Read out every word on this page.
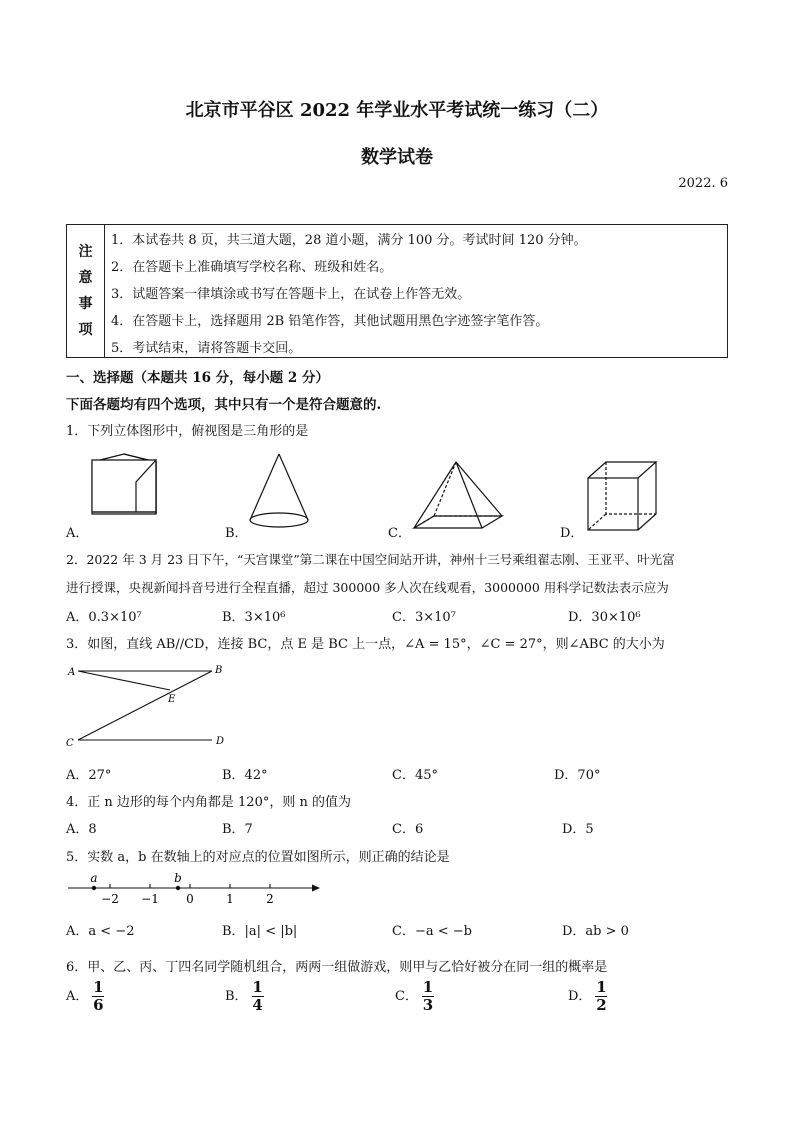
北京市平谷区 2022 年学业水平考试统一练习（二）
数学试卷
2022. 6
注
意
事
项
1．本试卷共 8 页，共三道大题，28 道小题，满分 100 分。考试时间 120 分钟。
2．在答题卡上准确填写学校名称、班级和姓名。
3．试题答案一律填涂或书写在答题卡上，在试卷上作答无效。
4．在答题卡上，选择题用 2B 铅笔作答，其他试题用黑色字迹签字笔作答。
5．考试结束，请将答题卡交回。
一、选择题（本题共 16 分，每小题 2 分）
下面各题均有四个选项，其中只有一个是符合题意的.
1．下列立体图形中，俯视图是三角形的是
A．	B．	C．	D．
2．2022 年 3 月 23 日下午，“天宫课堂”第二课在中国空间站开讲，神州十三号乘组翟志刚、王亚平、叶光富
进行授课，央视新闻抖音号进行全程直播，超过 300000 多人次在线观看，3000000 用科学记数法表示应为
A．0.3×10⁷	B．3×10⁶	C．3×10⁷	D．30×10⁶
3．如图，直线 AB//CD，连接 BC，点 E 是 BC 上一点，∠A = 15°，∠C = 27°，则∠ABC 的大小为
A	B
C	D
E
A．27°	B．42°	C．45°	D．70°
4．正 n 边形的每个内角都是 120°，则 n 的值为
A．8	B．7	C．6	D．5
5．实数 a，b 在数轴上的对应点的位置如图所示，则正确的结论是
−2 −1 0	1	2
a	b
A．a < −2	B．|a| < |b|	C．−a < −b	D．ab > 0
6．甲、乙、丙、丁四名同学随机组合，两两一组做游戏，则甲与乙恰好被分在同一组的概率是
A． $\frac{1}{6}$	B． $\frac{1}{4}$	C． $\frac{1}{3}$	D． $\frac{1}{2}$
